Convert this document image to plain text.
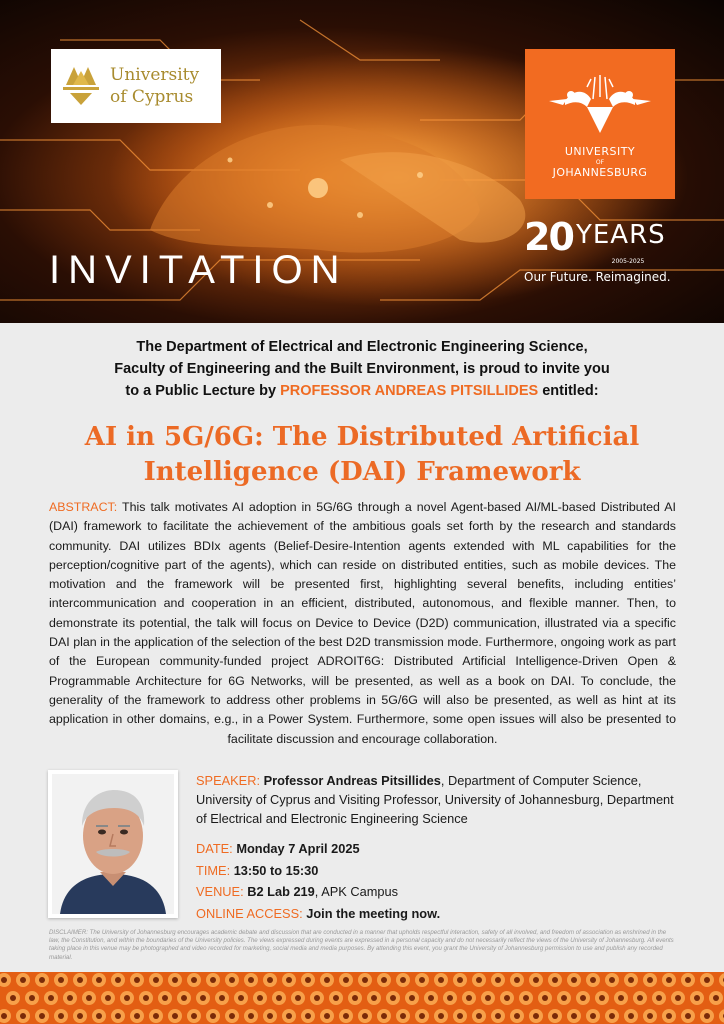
University
of Cyprus
UNIVERSITY
OF
JOHANNESBURG
20 YEARS
2005-2025
Our Future. Reimagined.
INVITATION
The Department of Electrical and Electronic Engineering Science,
Faculty of Engineering and the Built Environment, is proud to invite you
to a Public Lecture by PROFESSOR ANDREAS PITSILLIDES entitled:
AI in 5G/6G: The Distributed Artificial
Intelligence (DAI) Framework
ABSTRACT: This talk motivates AI adoption in 5G/6G through a novel Agent-based AI/ML-based Distributed AI (DAI) framework to facilitate the achievement of the ambitious goals set forth by the research and standards community. DAI utilizes BDIx agents (Belief-Desire-Intention agents extended with ML capabilities for the perception/cognitive part of the agents), which can reside on distributed entities, such as mobile devices. The motivation and the framework will be presented first, highlighting several benefits, including entities’ intercommunication and cooperation in an efficient, distributed, autonomous, and flexible manner. Then, to demonstrate its potential, the talk will focus on Device to Device (D2D) communication, illustrated via a specific DAI plan in the application of the selection of the best D2D transmission mode. Furthermore, ongoing work as part of the European community-funded project ADROIT6G: Distributed Artificial Intelligence-Driven Open & Programmable Architecture for 6G Networks, will be presented, as well as a book on DAI. To conclude, the generality of the framework to address other problems in 5G/6G will also be presented, as well as hint at its application in other domains, e.g., in a Power System. Furthermore, some open issues will also be presented to facilitate discussion and encourage collaboration.
SPEAKER: Professor Andreas Pitsillides, Department of Computer Science, University of Cyprus and Visiting Professor, University of Johannesburg, Department of Electrical and Electronic Engineering Science
DATE: Monday 7 April 2025
TIME: 13:50 to 15:30
VENUE: B2 Lab 219, APK Campus
ONLINE ACCESS: Join the meeting now.
DISCLAIMER: The University of Johannesburg encourages academic debate and discussion that are conducted in a manner that upholds respectful interaction, safety of all involved, and freedom of association as enshrined in the law, the Constitution, and within the boundaries of the University policies. The views expressed during events are expressed in a personal capacity and do not necessarily reflect the views of the University of Johannesburg. All events taking place in this venue may be photographed and video recorded for marketing, social media and media purposes. By attending this event, you grant the University of Johannesburg permission to use and publish any recorded material.
